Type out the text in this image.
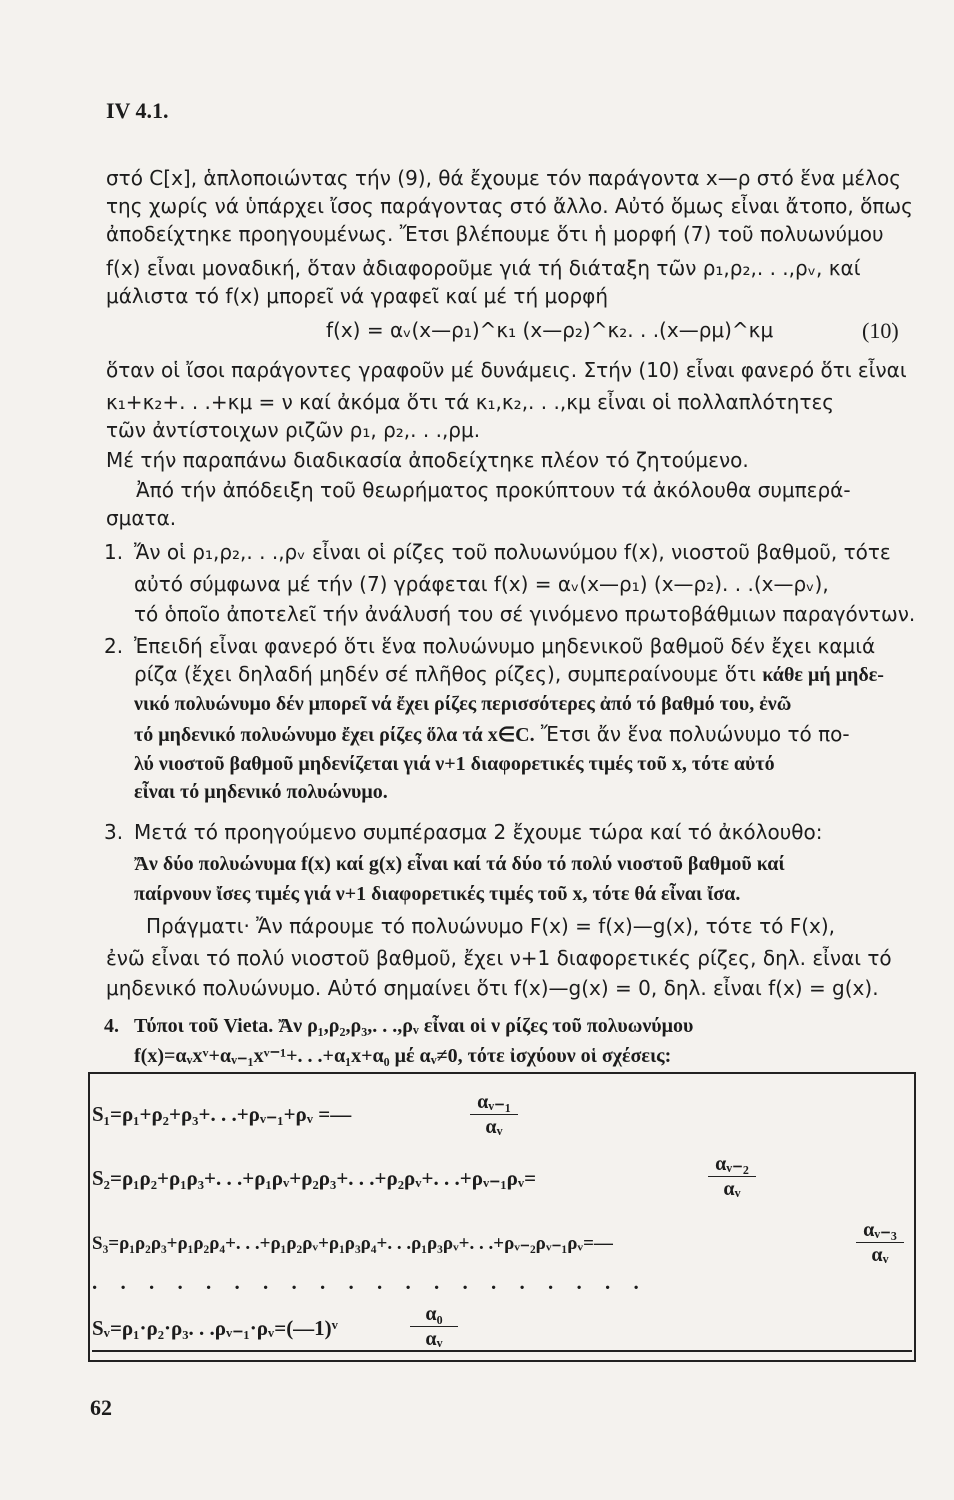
IV 4.1.
στό C[x], ἁπλοποιώντας τήν (9), θά ἔχουμε τόν παράγοντα x—ρ στό ἕνα μέλος
της χωρίς νά ὑπάρχει ἴσος παράγοντας στό ἄλλο. Αὐτό ὅμως εἶναι ἄτοπο, ὅπως
ἀποδείχτηκε προηγουμένως. Ἔτσι βλέπουμε ὅτι ἡ μορφή (7) τοῦ πολυωνύμου
f(x) εἶναι μοναδική, ὅταν ἀδιαφοροῦμε γιά τή διάταξη τῶν ρ₁,ρ₂,. . .,ρᵥ, καί
μάλιστα τό f(x) μπορεῖ νά γραφεῖ καί μέ τή μορφή
f(x) = αᵥ(x—ρ₁)^κ₁ (x—ρ₂)^κ₂. . .(x—ρμ)^κμ	(10)
ὅταν οἱ ἴσοι παράγοντες γραφοῦν μέ δυνάμεις. Στήν (10) εἶναι φανερό ὅτι εἶναι
κ₁+κ₂+. . .+κμ = ν καί ἀκόμα ὅτι τά κ₁,κ₂,. . .,κμ εἶναι οἱ πολλαπλότητες
τῶν ἀντίστοιχων ριζῶν ρ₁, ρ₂,. . .,ρμ.
Μέ τήν παραπάνω διαδικασία ἀποδείχτηκε πλέον τό ζητούμενο.
Ἀπό τήν ἀπόδειξη τοῦ θεωρήματος προκύπτουν τά ἀκόλουθα συμπερά-
σματα.
1. Ἄν οἱ ρ₁,ρ₂,. . .,ρᵥ εἶναι οἱ ρίζες τοῦ πολυωνύμου f(x), νιοστοῦ βαθμοῦ, τότε
αὐτό σύμφωνα μέ τήν (7) γράφεται f(x) = αᵥ(x—ρ₁) (x—ρ₂). . .(x—ρᵥ),
τό ὁποῖο ἀποτελεῖ τήν ἀνάλυσή του σέ γινόμενο πρωτοβάθμιων παραγόντων.
2. Ἐπειδή εἶναι φανερό ὅτι ἕνα πολυώνυμο μηδενικοῦ βαθμοῦ δέν ἔχει καμιά
ρίζα (ἔχει δηλαδή μηδέν σέ πλῆθος ρίζες), συμπεραίνουμε ὅτι κάθε μή μηδε-
νικό πολυώνυμο δέν μπορεῖ νά ἔχει ρίζες περισσότερες ἀπό τό βαθμό του, ἐνῶ
τό μηδενικό πολυώνυμο ἔχει ρίζες ὅλα τά x∈C. Ἔτσι ἄν ἕνα πολυώνυμο τό πο-
λύ νιοστοῦ βαθμοῦ μηδενίζεται γιά ν+1 διαφορετικές τιμές τοῦ x, τότε αὐτό
εἶναι τό μηδενικό πολυώνυμο.
3. Μετά τό προηγούμενο συμπέρασμα 2 ἔχουμε τώρα καί τό ἀκόλουθο:
Ἄν δύο πολυώνυμα f(x) καί g(x) εἶναι καί τά δύο τό πολύ νιοστοῦ βαθμοῦ καί
παίρνουν ἴσες τιμές γιά ν+1 διαφορετικές τιμές τοῦ x, τότε θά εἶναι ἴσα.
Πράγματι· Ἄν πάρουμε τό πολυώνυμο F(x) = f(x)—g(x), τότε τό F(x),
ἐνῶ εἶναι τό πολύ νιοστοῦ βαθμοῦ, ἔχει ν+1 διαφορετικές ρίζες, δηλ. εἶναι τό
μηδενικό πολυώνυμο. Αὐτό σημαίνει ὅτι f(x)—g(x) = 0, δηλ. εἶναι f(x) = g(x).
4. Τύποι τοῦ Vieta. Ἄν ρ₁,ρ₂,ρ₃,. . .,ρᵥ εἶναι οἱ ν ρίζες τοῦ πολυωνύμου
f(x)=αᵥxᵛ+αᵥ₋₁xᵛ⁻¹+. . .+α₁x+α₀ μέ αᵥ≠0, τότε ἰσχύουν οἱ σχέσεις:
S₁=ρ₁+ρ₂+ρ₃+. . .+ρᵥ₋₁+ρᵥ =—	$\frac{\text{αᵥ₋₁}}{\text{αᵥ}}$
S₂=ρ₁ρ₂+ρ₁ρ₃+. . .+ρ₁ρᵥ+ρ₂ρ₃+. . .+ρ₂ρᵥ+. . .+ρᵥ₋₁ρᵥ=	$\frac{\text{αᵥ₋₂}}{\text{αᵥ}}$
S₃=ρ₁ρ₂ρ₃+ρ₁ρ₂ρ₄+. . .+ρ₁ρ₂ρᵥ+ρ₁ρ₃ρ₄+. . .ρ₁ρ₃ρᵥ+. . .+ρᵥ₋₂ρᵥ₋₁ρᵥ=—	$\frac{\text{αᵥ₋₃}}{\text{αᵥ}}$
. . . . . . . . . . . . . . . . . . . .
Sᵥ=ρ₁·ρ₂·ρ₃. . .ρᵥ₋₁·ρᵥ=(—1)ᵛ	$\frac{\text{α₀}}{\text{αᵥ}}$
62
